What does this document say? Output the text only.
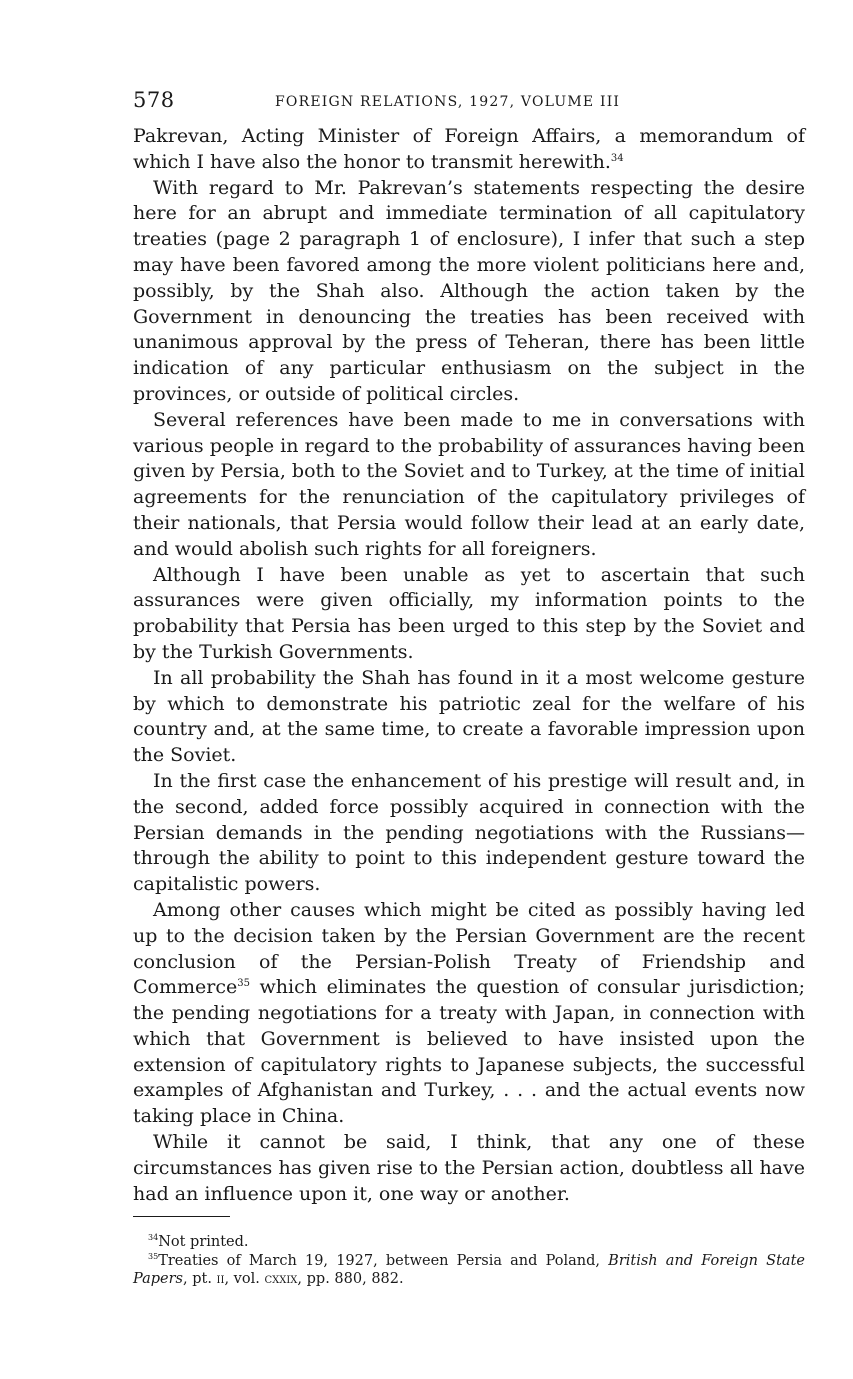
578	FOREIGN RELATIONS, 1927, VOLUME III

Pakrevan, Acting Minister of Foreign Affairs, a memorandum of which I have also the honor to transmit herewith.$^{34}$

With regard to Mr. Pakrevan’s statements respecting the desire here for an abrupt and immediate termination of all capitulatory treaties (page 2 paragraph 1 of enclosure), I infer that such a step may have been favored among the more violent politicians here and, possibly, by the Shah also. Although the action taken by the Government in denouncing the treaties has been received with unanimous approval by the press of Teheran, there has been little indication of any particular enthusiasm on the subject in the provinces, or outside of political circles.

Several references have been made to me in conversations with various people in regard to the probability of assurances having been given by Persia, both to the Soviet and to Turkey, at the time of initial agreements for the renunciation of the capitulatory privileges of their nationals, that Persia would follow their lead at an early date, and would abolish such rights for all foreigners.

Although I have been unable as yet to ascertain that such assurances were given officially, my information points to the probability that Persia has been urged to this step by the Soviet and by the Turkish Governments.

In all probability the Shah has found in it a most welcome gesture by which to demonstrate his patriotic zeal for the welfare of his country and, at the same time, to create a favorable impression upon the Soviet.

In the first case the enhancement of his prestige will result and, in the second, added force possibly acquired in connection with the Persian demands in the pending negotiations with the Russians—through the ability to point to this independent gesture toward the capitalistic powers.

Among other causes which might be cited as possibly having led up to the decision taken by the Persian Government are the recent conclusion of the Persian-Polish Treaty of Friendship and Commerce$^{35}$ which eliminates the question of consular jurisdiction; the pending negotiations for a treaty with Japan, in connection with which that Government is believed to have insisted upon the extension of capitulatory rights to Japanese subjects, the successful examples of Afghanistan and Turkey, . . . and the actual events now taking place in China.

While it cannot be said, I think, that any one of these circumstances has given rise to the Persian action, doubtless all have had an influence upon it, one way or another.

$^{34}$Not printed.

$^{35}$Treaties of March 19, 1927, between Persia and Poland, British and Foreign State Papers, pt. ii, vol. cxxix, pp. 880, 882.
